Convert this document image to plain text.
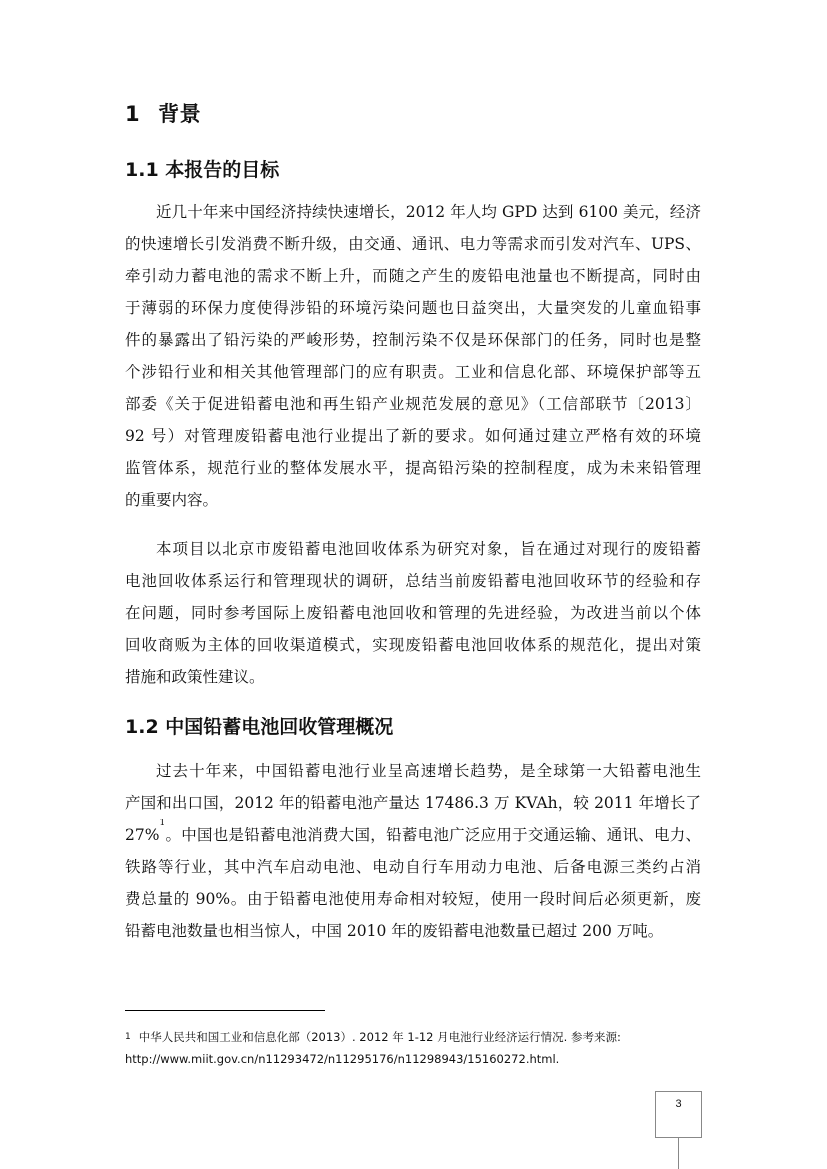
1 背景
1.1 本报告的目标
近几十年来中国经济持续快速增长，2012 年人均 GPD 达到 6100 美元，经济
的快速增长引发消费不断升级，由交通、通讯、电力等需求而引发对汽车、UPS、
牵引动力蓄电池的需求不断上升，而随之产生的废铅电池量也不断提高，同时由
于薄弱的环保力度使得涉铅的环境污染问题也日益突出，大量突发的儿童血铅事
件的暴露出了铅污染的严峻形势，控制污染不仅是环保部门的任务，同时也是整
个涉铅行业和相关其他管理部门的应有职责。工业和信息化部、环境保护部等五
部委《关于促进铅蓄电池和再生铅产业规范发展的意见》（工信部联节〔2013〕
92 号）对管理废铅蓄电池行业提出了新的要求。如何通过建立严格有效的环境
监管体系，规范行业的整体发展水平，提高铅污染的控制程度，成为未来铅管理
的重要内容。
本项目以北京市废铅蓄电池回收体系为研究对象，旨在通过对现行的废铅蓄
电池回收体系运行和管理现状的调研，总结当前废铅蓄电池回收环节的经验和存
在问题，同时参考国际上废铅蓄电池回收和管理的先进经验，为改进当前以个体
回收商贩为主体的回收渠道模式，实现废铅蓄电池回收体系的规范化，提出对策
措施和政策性建议。
1.2 中国铅蓄电池回收管理概况
过去十年来，中国铅蓄电池行业呈高速增长趋势，是全球第一大铅蓄电池生
产国和出口国，2012 年的铅蓄电池产量达 17486.3 万 KVAh，较 2011 年增长了
27%$^1$。中国也是铅蓄电池消费大国，铅蓄电池广泛应用于交通运输、通讯、电力、
铁路等行业，其中汽车启动电池、电动自行车用动力电池、后备电源三类约占消
费总量的 90%。由于铅蓄电池使用寿命相对较短，使用一段时间后必须更新，废
铅蓄电池数量也相当惊人，中国 2010 年的废铅蓄电池数量已超过 200 万吨。
$^1$ 中华人民共和国工业和信息化部（2013）. 2012 年 1-12 月电池行业经济运行情况. 参考来源:
http://www.miit.gov.cn/n11293472/n11295176/n11298943/15160272.html.
3
